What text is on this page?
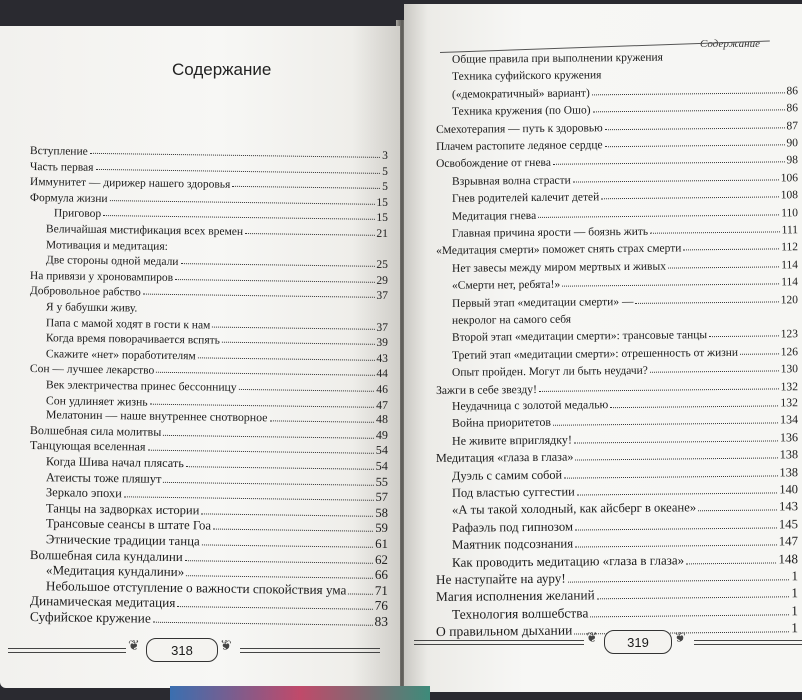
Содержание
Вступление	3
Часть первая	5
Иммунитет — дирижер нашего здоровья	5
Формула жизни	15
Приговор	15
Величайшая мистификация всех времен	21
Мотивация и медитация:
Две стороны одной медали	25
На привязи у хроновампиров	29
Добровольное рабство	37
Я у бабушки живу.
Папа с мамой ходят в гости к нам	37
Когда время поворачивается вспять	39
Скажите «нет» поработителям	43
Сон — лучшее лекарство	44
Век электричества принес бессонницу	46
Сон удлиняет жизнь	47
Мелатонин — наше внутреннее снотворное	48
Волшебная сила молитвы	49
Танцующая вселенная	54
Когда Шива начал плясать	54
Атеисты тоже пляшут	55
Зеркало эпохи	57
Танцы на задворках истории	58
Трансовые сеансы в штате Гоа	59
Этнические традиции танца	61
Волшебная сила кундалини	62
«Медитация кундалини»	66
Небольшое отступление о важности спокойствия ума 71
Динамическая медитация	76
Суфийское кружение	83
❦ 318 ❦
Содержание
Общие правила при выполнении кружения
Техника суфийского кружения
(«демократичный» вариант)	86
Техника кружения (по Ошо)	86
Смехотерапия — путь к здоровью	87
Плачем растопите ледяное сердце	90
Освобождение от гнева	98
Взрывная волна страсти	106
Гнев родителей калечит детей	108
Медитация гнева	110
Главная причина ярости — боязнь жить	111
«Медитация смерти» поможет снять страх смерти	112
Нет завесы между миром мертвых и живых	114
«Смерти нет, ребята!»	114
Первый этап «медитации смерти» —	120
некролог на самого себя
Второй этап «медитации смерти»: трансовые танцы	123
Третий этап «медитации смерти»: отрешенность от жизни	126
Опыт пройден. Могут ли быть неудачи?	130
Зажги в себе звезду!	132
Неудачница с золотой медалью	132
Война приоритетов	134
Не живите вприглядку!	136
Медитация «глаза в глаза»	138
Дуэль с самим собой	138
Под властью суггестии	140
«А ты такой холодный, как айсберг в океане»	143
Рафаэль под гипнозом	145
Маятник подсознания	147
Как проводить медитацию «глаза в глаза»	148
Не наступайте на ауру!	1
Магия исполнения желаний	1
Технология волшебства	1
О правильном дыхании	1
❦ 319 ❦
